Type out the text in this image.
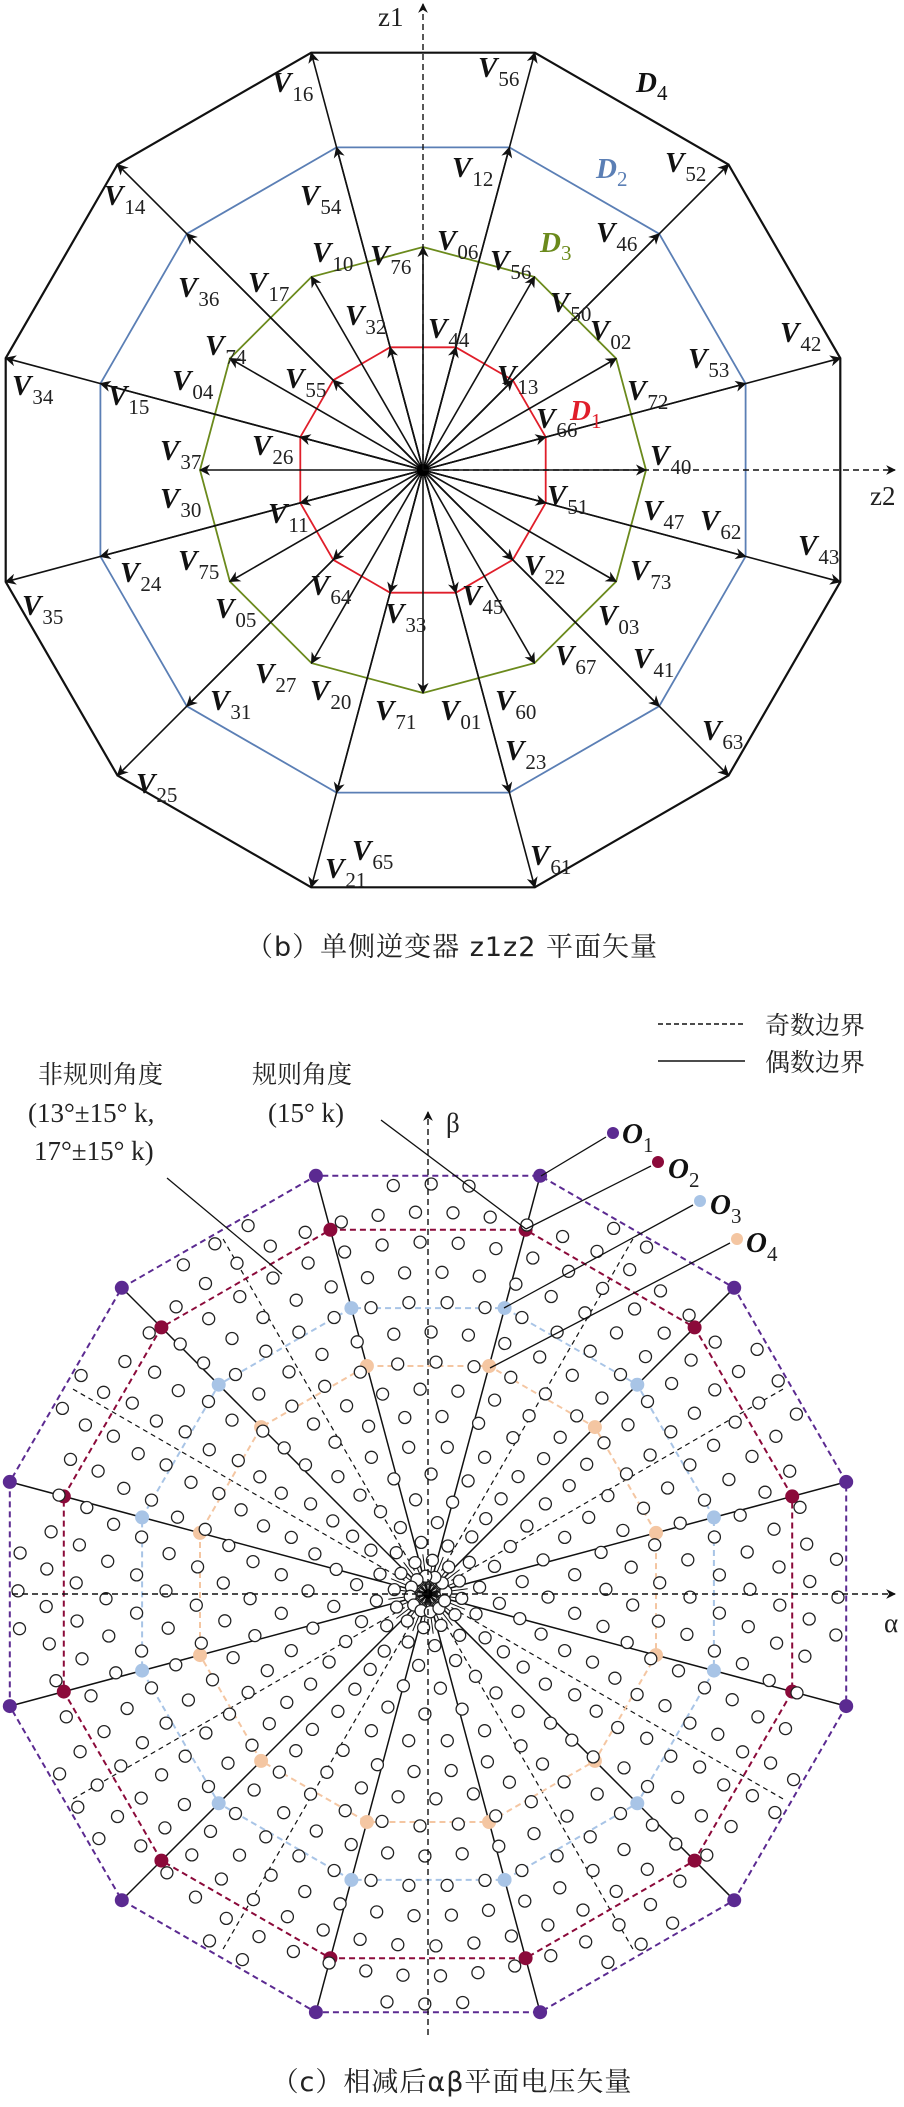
z1
z2
$D_1$
$D_3$
$D_2$
$D_4$
$V_{44}$
$V_{32}$
$V_{55}$
$V_{26}$
$V_{11}$
$V_{64}$
$V_{33}$
$V_{45}$
$V_{22}$
$V_{51}$
$V_{66}$
$V_{13}$
$V_{06}$
$V_{17}$
$V_{04}$
$V_{30}$
$V_{05}$
$V_{20}$	$V_{01}$
$V_{67}$
$V_{03}$
$V_{40}$
$V_{72}$
$V_{50}$
$V_{76}$
$V_{74}$
$V_{37}$
$V_{75}$
$V_{27}$
$V_{71}$
$V_{60}$
$V_{73}$
$V_{47}$
$V_{02}$
$V_{56}$
$V_{10}$
$V_{12}$
$V_{54}$
$V_{36}$
$V_{15}$
$V_{24}$
$V_{31}$
$V_{65}$
$V_{23}$
$V_{41}$
$V_{62}$
$V_{53}$
$V_{46}$
$V_{56}$
$V_{16}$
$V_{14}$
$V_{34}$
$V_{35}$
$V_{25}$
$V_{21}$
$V_{61}$
$V_{63}$
$V_{43}$
$V_{42}$
$V_{52}$
（b）单侧逆变器 z1z2 平面矢量
奇数边界
偶数边界
α
β
非规则角度
(13°±15° k,
17°±15° k)
规则角度
(15° k)
$O_1$
$O_2$
$O_3$
$O_4$
（c）相减后αβ平面电压矢量
